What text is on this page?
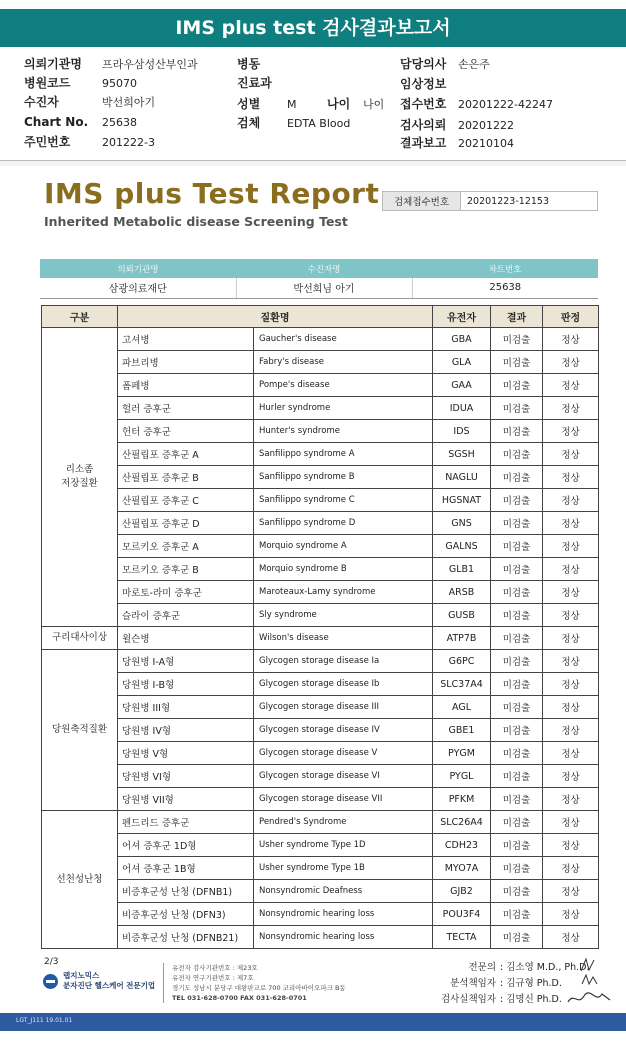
IMS plus test 검사결과보고서
의뢰기관명 프라우삼성산부인과
병원코드	95070
수진자	박선희아기
Chart No. 25638
주민번호	201222-3
병동
진료과
성별 M	나이 나이
검체 EDTA Blood
담당의사 손은주
임상정보
접수번호 20201222-42247
검사의뢰 20201222
결과보고 20210104
IMS plus Test Report
Inherited Metabolic disease Screening Test
검체접수번호	20201223-12153
의뢰기관명	수진자명	차트번호
삼광의료재단	박선희님 아기	25638
구분	질환명		유전자	결과	판정
리소좀
저장질환	고셔병	Gaucher's disease	GBA	미검출	정상
	파브리병	Fabry's disease	GLA	미검출	정상
	폼페병	Pompe's disease	GAA	미검출	정상
	헐러 증후군	Hurler syndrome	IDUA	미검출	정상
	헌터 증후군	Hunter's syndrome	IDS	미검출	정상
	산필립포 증후군 A	Sanfilippo syndrome A	SGSH	미검출	정상
	산필립포 증후군 B	Sanfilippo syndrome B	NAGLU	미검출	정상
	산필립포 증후군 C	Sanfilippo syndrome C	HGSNAT	미검출	정상
	산필립포 증후군 D	Sanfilippo syndrome D	GNS	미검출	정상
	모르키오 증후군 A	Morquio syndrome A	GALNS	미검출	정상
	모르키오 증후군 B	Morquio syndrome B	GLB1	미검출	정상
	마로토-라미 증후군	Maroteaux-Lamy syndrome	ARSB	미검출	정상
	슬라이 증후군	Sly syndrome	GUSB	미검출	정상
구리대사이상	윌슨병	Wilson's disease	ATP7B	미검출	정상
당원축적질환	당원병 I-A형	Glycogen storage disease Ia	G6PC	미검출	정상
	당원병 I-B형	Glycogen storage disease Ib	SLC37A4	미검출	정상
	당원병 III형	Glycogen storage disease III	AGL	미검출	정상
	당원병 IV형	Glycogen storage disease IV	GBE1	미검출	정상
	당원병 V형	Glycogen storage disease V	PYGM	미검출	정상
	당원병 VI형	Glycogen storage disease VI	PYGL	미검출	정상
	당원병 VII형	Glycogen storage disease VII	PFKM	미검출	정상
선천성난청	펜드리드 증후군	Pendred's Syndrome	SLC26A4	미검출	정상
	어셔 증후군 1D형	Usher syndrome Type 1D	CDH23	미검출	정상
	어셔 증후군 1B형	Usher syndrome Type 1B	MYO7A	미검출	정상
	비증후군성 난청 (DFNB1)	Nonsyndromic Deafness	GJB2	미검출	정상
	비증후군성 난청 (DFN3)	Nonsyndromic hearing loss	POU3F4	미검출	정상
	비증후군성 난청 (DFNB21)	Nonsyndromic hearing loss	TECTA	미검출	정상
2/3
랩지노믹스
분자진단 헬스케어 전문기업
유전자 검사기관번호 : 제23호
유전자 연구기관번호 : 제7호
경기도 성남시 분당구 대왕판교로 700 코리아바이오파크 B동
TEL 031-628-0700 FAX 031-628-0701
전문의 : 김소영 M.D., Ph.D.
분석책임자 : 김규형 Ph.D.
검사실책임자 : 김명신 Ph.D.
LGT_J111 19.01.01
